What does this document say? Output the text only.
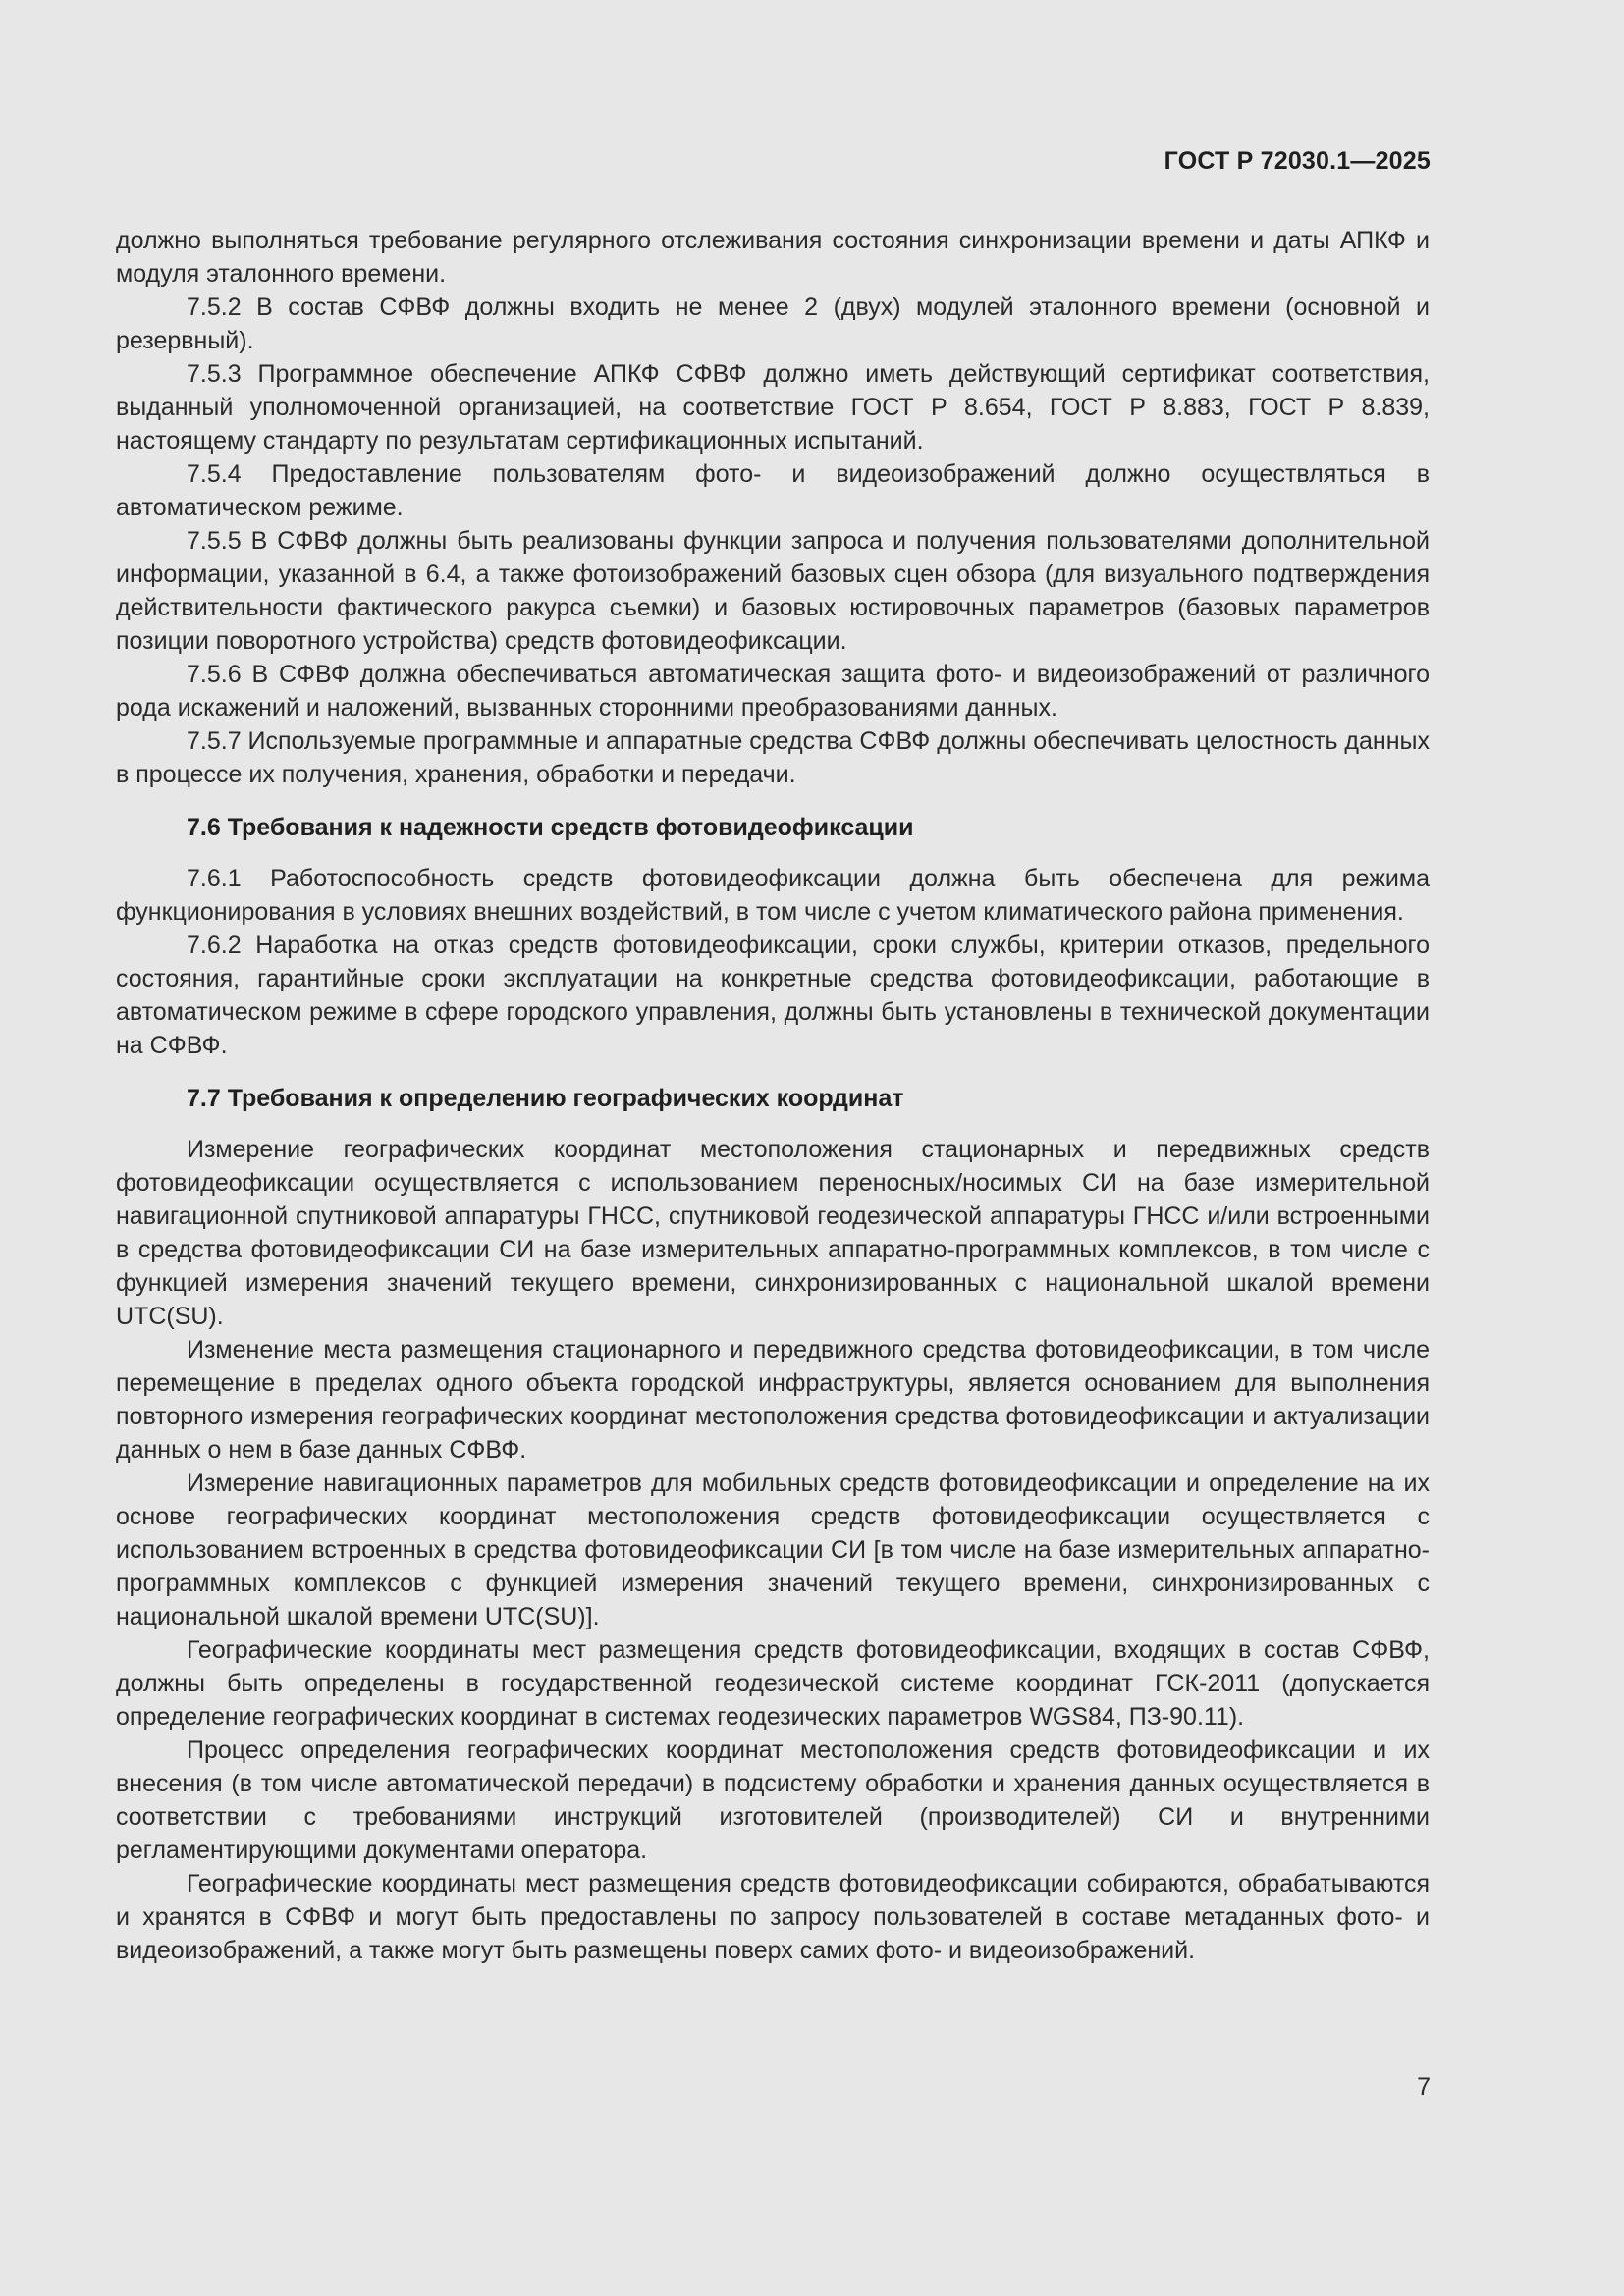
ГОСТ Р 72030.1—2025

должно выполняться требование регулярного отслеживания состояния синхронизации времени и даты АПКФ и модуля эталонного времени.

7.5.2 В состав СФВФ должны входить не менее 2 (двух) модулей эталонного времени (основной и резервный).

7.5.3 Программное обеспечение АПКФ СФВФ должно иметь действующий сертификат соответствия, выданный уполномоченной организацией, на соответствие ГОСТ Р 8.654, ГОСТ Р 8.883, ГОСТ Р 8.839, настоящему стандарту по результатам сертификационных испытаний.

7.5.4 Предоставление пользователям фото- и видеоизображений должно осуществляться в автоматическом режиме.

7.5.5 В СФВФ должны быть реализованы функции запроса и получения пользователями дополнительной информации, указанной в 6.4, а также фотоизображений базовых сцен обзора (для визуального подтверждения действительности фактического ракурса съемки) и базовых юстировочных параметров (базовых параметров позиции поворотного устройства) средств фотовидеофиксации.

7.5.6 В СФВФ должна обеспечиваться автоматическая защита фото- и видеоизображений от различного рода искажений и наложений, вызванных сторонними преобразованиями данных.

7.5.7 Используемые программные и аппаратные средства СФВФ должны обеспечивать целостность данных в процессе их получения, хранения, обработки и передачи.

7.6 Требования к надежности средств фотовидеофиксации

7.6.1 Работоспособность средств фотовидеофиксации должна быть обеспечена для режима функционирования в условиях внешних воздействий, в том числе с учетом климатического района применения.

7.6.2 Наработка на отказ средств фотовидеофиксации, сроки службы, критерии отказов, предельного состояния, гарантийные сроки эксплуатации на конкретные средства фотовидеофиксации, работающие в автоматическом режиме в сфере городского управления, должны быть установлены в технической документации на СФВФ.

7.7 Требования к определению географических координат

Измерение географических координат местоположения стационарных и передвижных средств фотовидеофиксации осуществляется с использованием переносных/носимых СИ на базе измерительной навигационной спутниковой аппаратуры ГНСС, спутниковой геодезической аппаратуры ГНСС и/или встроенными в средства фотовидеофиксации СИ на базе измерительных аппаратно-программных комплексов, в том числе с функцией измерения значений текущего времени, синхронизированных с национальной шкалой времени UTC(SU).

Изменение места размещения стационарного и передвижного средства фотовидеофиксации, в том числе перемещение в пределах одного объекта городской инфраструктуры, является основанием для выполнения повторного измерения географических координат местоположения средства фотовидеофиксации и актуализации данных о нем в базе данных СФВФ.

Измерение навигационных параметров для мобильных средств фотовидеофиксации и определение на их основе географических координат местоположения средств фотовидеофиксации осуществляется с использованием встроенных в средства фотовидеофиксации СИ [в том числе на базе измерительных аппаратно-программных комплексов с функцией измерения значений текущего времени, синхронизированных с национальной шкалой времени UTC(SU)].

Географические координаты мест размещения средств фотовидеофиксации, входящих в состав СФВФ, должны быть определены в государственной геодезической системе координат ГСК-2011 (допускается определение географических координат в системах геодезических параметров WGS84, ПЗ-90.11).

Процесс определения географических координат местоположения средств фотовидеофиксации и их внесения (в том числе автоматической передачи) в подсистему обработки и хранения данных осуществляется в соответствии с требованиями инструкций изготовителей (производителей) СИ и внутренними регламентирующими документами оператора.

Географические координаты мест размещения средств фотовидеофиксации собираются, обрабатываются и хранятся в СФВФ и могут быть предоставлены по запросу пользователей в составе метаданных фото- и видеоизображений, а также могут быть размещены поверх самих фото- и видеоизображений.

7
